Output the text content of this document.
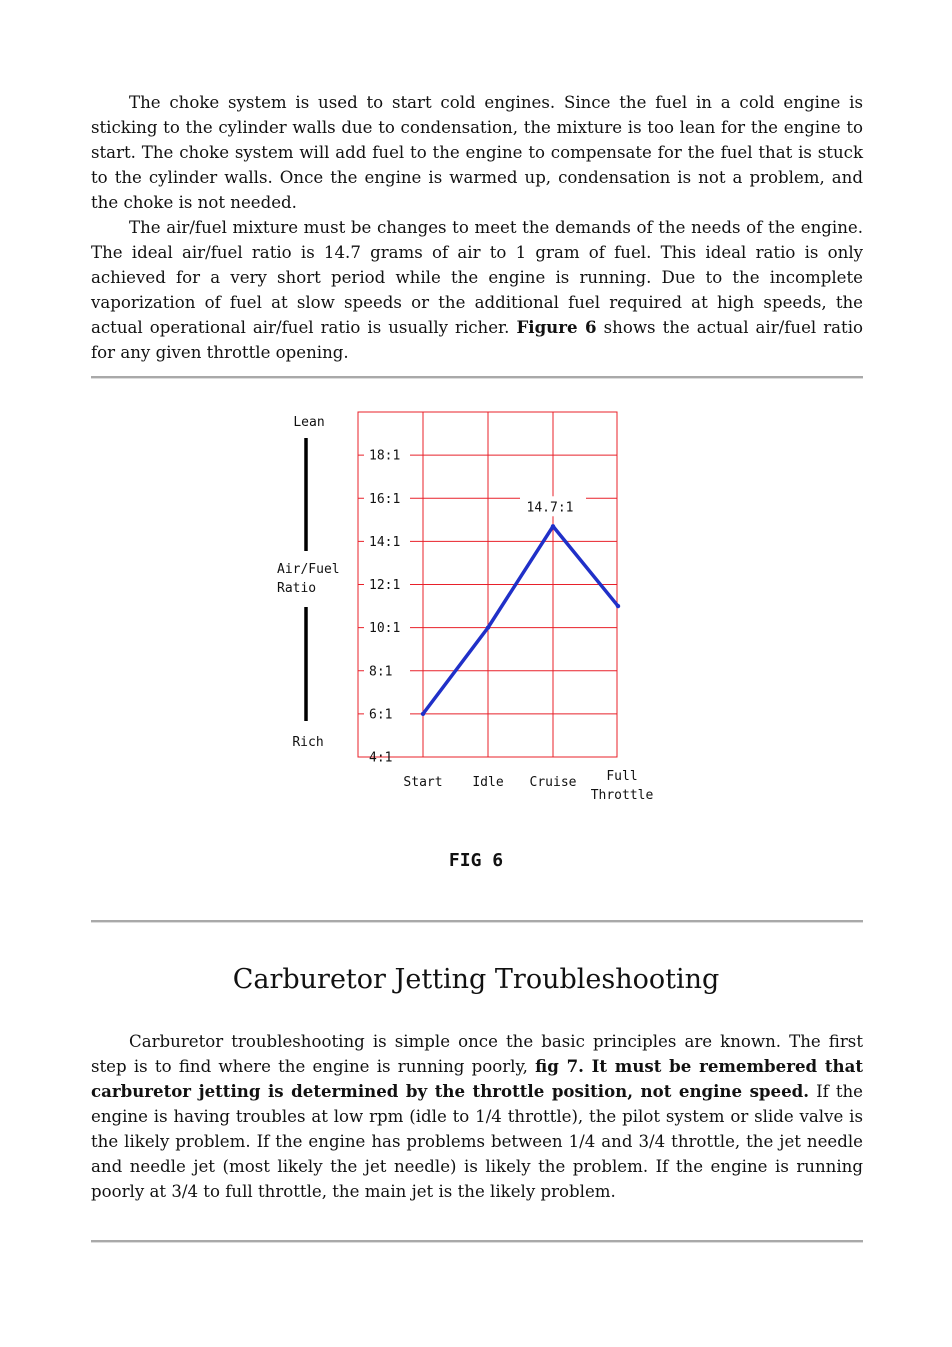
The choke system is used to start cold engines. Since the fuel in a cold engine is sticking to the cylinder walls due to condensation, the mixture is too lean for the engine to start. The choke system will add fuel to the engine to compensate for the fuel that is stuck to the cylinder walls. Once the engine is warmed up, condensation is not a problem, and the choke is not needed.

The air/fuel mixture must be changes to meet the demands of the needs of the engine. The ideal air/fuel ratio is 14.7 grams of air to 1 gram of fuel. This ideal ratio is only achieved for a very short period while the engine is running. Due to the incomplete vaporization of fuel at slow speeds or the additional fuel required at high speeds, the actual operational air/fuel ratio is usually richer. Figure 6 shows the actual air/fuel ratio for any given throttle opening.

4:1
6:1
8:1
10:1
12:1
14:1
16:1
18:1
Start Idle Cruise Full
Throttle
Lean
Air/Fuel
Ratio
Rich
14.7:1
FIG 6
Carburetor Jetting Troubleshooting

Carburetor troubleshooting is simple once the basic principles are known. The first step is to find where the engine is running poorly, fig 7. It must be remembered that carburetor jetting is determined by the throttle position, not engine speed. If the engine is having troubles at low rpm (idle to 1/4 throttle), the pilot system or slide valve is the likely problem. If the engine has problems between 1/4 and 3/4 throttle, the jet needle and needle jet (most likely the jet needle) is likely the problem. If the engine is running poorly at 3/4 to full throttle, the main jet is the likely problem.
